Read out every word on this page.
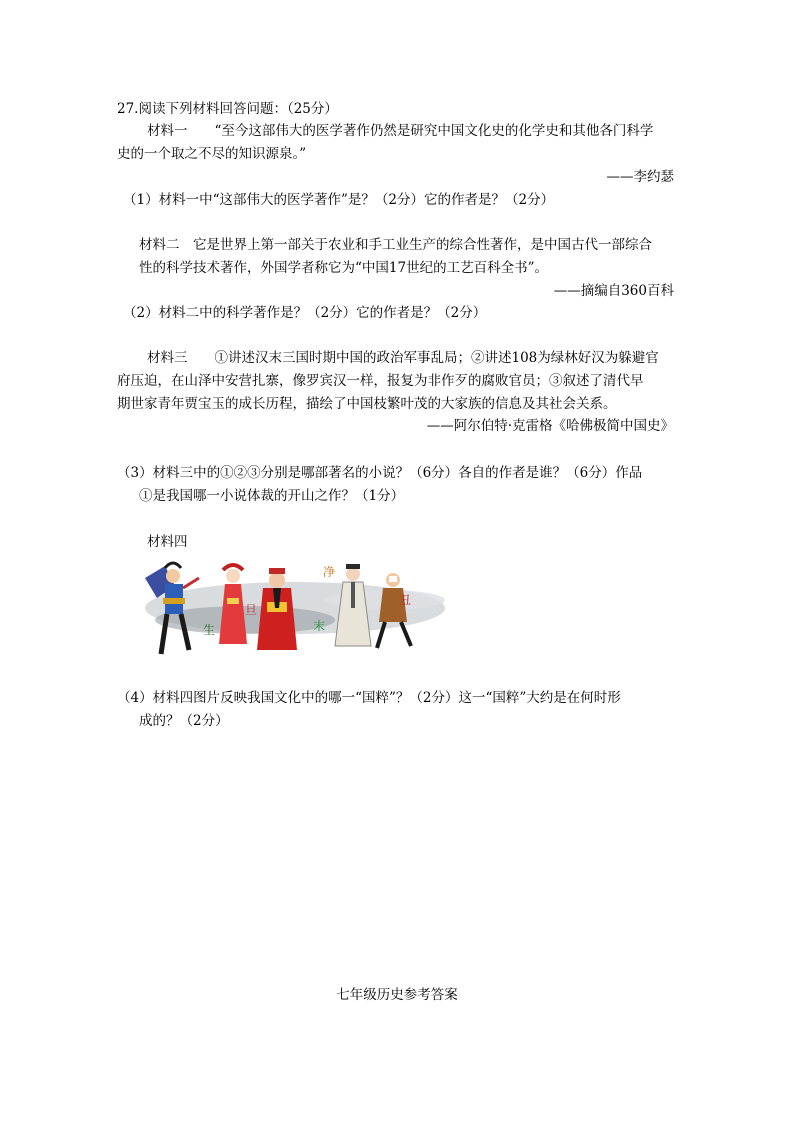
27.阅读下列材料回答问题：（25分）
材料一　　“至今这部伟大的医学著作仍然是研究中国文化史的化学史和其他各门科学
史的一个取之不尽的知识源泉。”
——李约瑟
（1）材料一中“这部伟大的医学著作”是？（2分）它的作者是？（2分）
材料二　它是世界上第一部关于农业和手工业生产的综合性著作，是中国古代一部综合
性的科学技术著作，外国学者称它为“中国17世纪的工艺百科全书”。
——摘编自360百科
（2）材料二中的科学著作是？（2分）它的作者是？（2分）
材料三　　①讲述汉末三国时期中国的政治军事乱局；②讲述108为绿林好汉为躲避官
府压迫，在山泽中安营扎寨，像罗宾汉一样，报复为非作歹的腐败官员；③叙述了清代早
期世家青年贾宝玉的成长历程，描绘了中国枝繁叶茂的大家族的信息及其社会关系。
——阿尔伯特·克雷格《哈佛极简中国史》
（3）材料三中的①②③分别是哪部著名的小说？（6分）各自的作者是谁？（6分）作品
①是我国哪一小说体裁的开山之作？（1分）
材料四
生
旦
净
末
丑
（4）材料四图片反映我国文化中的哪一“国粹”？（2分）这一“国粹”大约是在何时形
成的？（2分）
七年级历史参考答案
